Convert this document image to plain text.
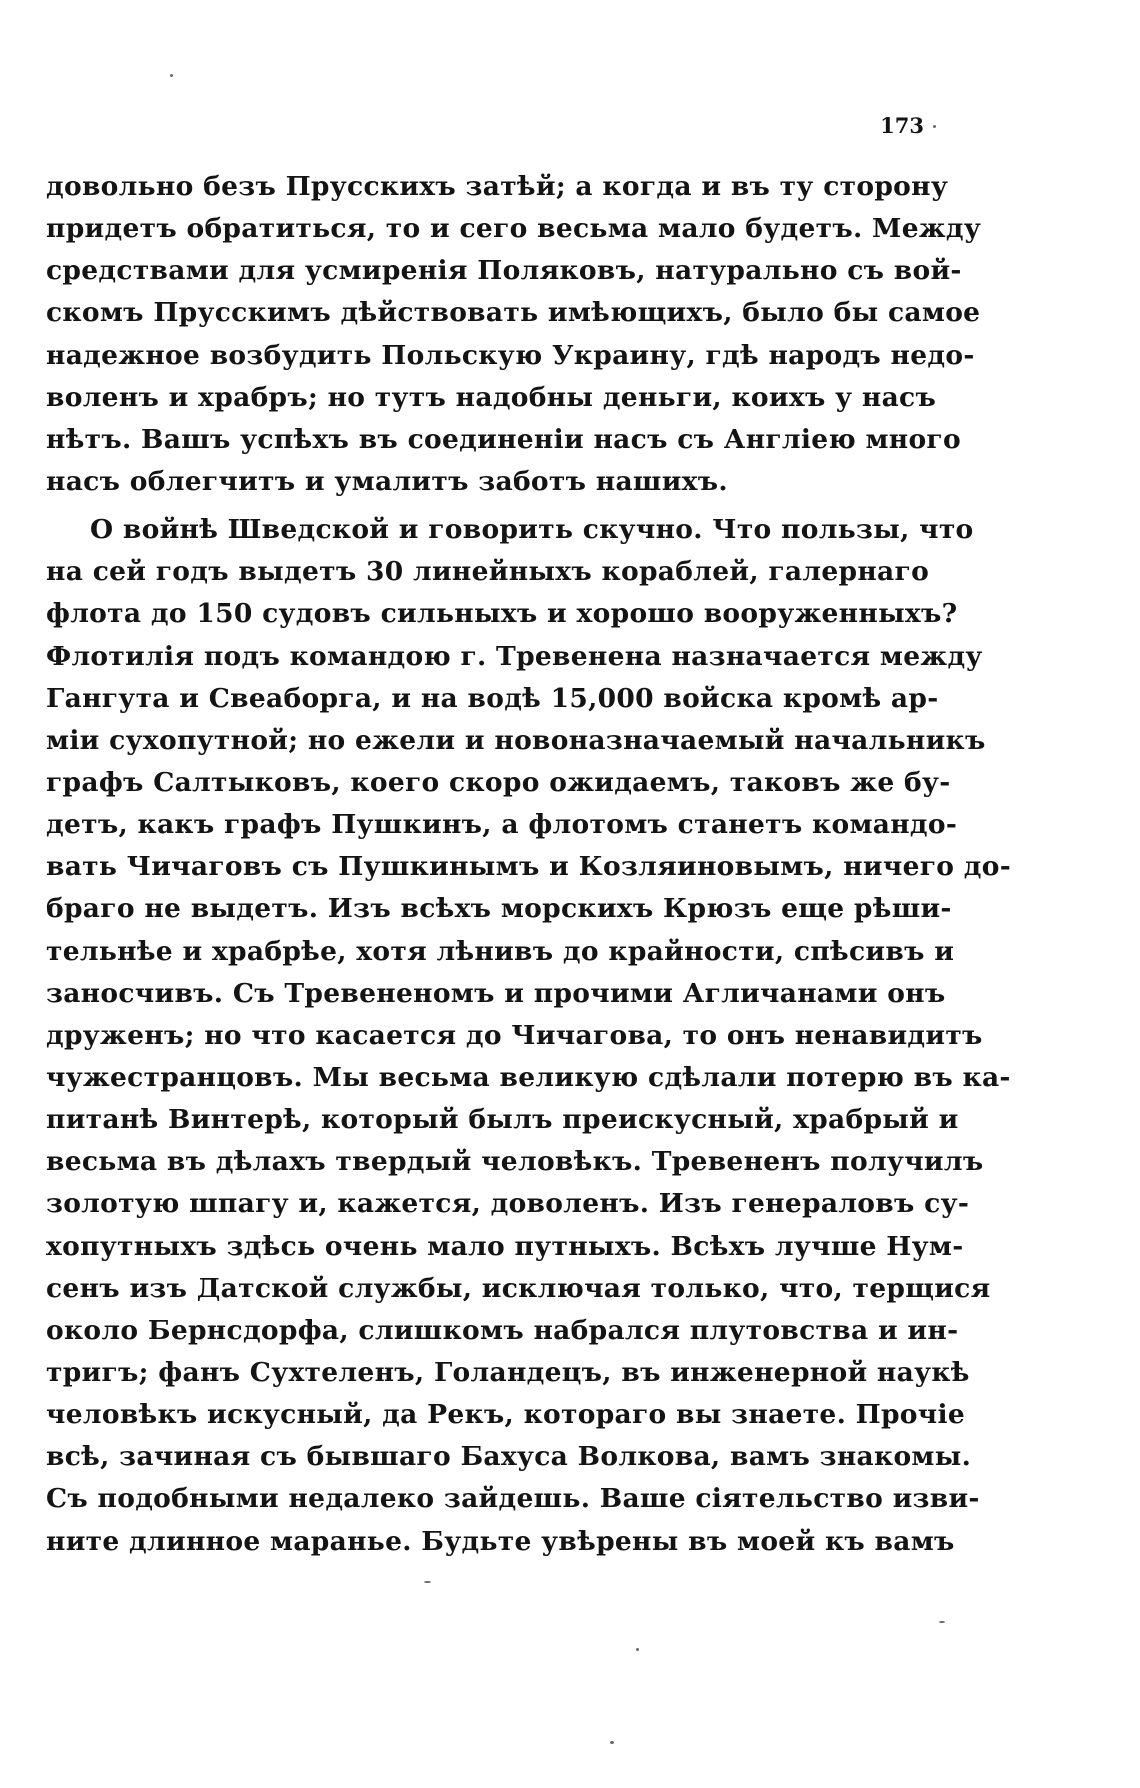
173
довольно безъ Прусскихъ затѣй; а когда и въ ту сторону
придетъ обратиться, то и сего весьма мало будетъ. Между
средствами для усмиренія Поляковъ, натурально съ вой-
скомъ Прусскимъ дѣйствовать имѣющихъ, было бы самое
надежное возбудить Польскую Украину, гдѣ народъ недо-
воленъ и храбръ; но тутъ надобны деньги, коихъ у насъ
нѣтъ. Вашъ успѣхъ въ соединеніи насъ съ Англіею много
насъ облегчитъ и умалитъ заботъ нашихъ.
О войнѣ Шведской и говорить скучно. Что пользы, что
на сей годъ выдетъ 30 линейныхъ кораблей, галернаго
флота до 150 судовъ сильныхъ и хорошо вооруженныхъ?
Флотилія подъ командою г. Тревенена назначается между
Гангута и Свеаборга, и на водѣ 15,000 войска кромѣ ар-
міи сухопутной; но ежели и новоназначаемый начальникъ
графъ Салтыковъ, коего скоро ожидаемъ, таковъ же бу-
детъ, какъ графъ Пушкинъ, а флотомъ станетъ командо-
вать Чичаговъ съ Пушкинымъ и Козляиновымъ, ничего до-
браго не выдетъ. Изъ всѣхъ морскихъ Крюзъ еще рѣши-
тельнѣе и храбрѣе, хотя лѣнивъ до крайности, спѣсивъ и
заносчивъ. Съ Тревененомъ и прочими Агличанами онъ
друженъ; но что касается до Чичагова, то онъ ненавидитъ
чужестранцовъ. Мы весьма великую сдѣлали потерю въ ка-
питанѣ Винтерѣ, который былъ преискусный, храбрый и
весьма въ дѣлахъ твердый человѣкъ. Тревененъ получилъ
золотую шпагу и, кажется, доволенъ. Изъ генераловъ су-
хопутныхъ здѣсь очень мало путныхъ. Всѣхъ лучше Нум-
сенъ изъ Датской службы, исключая только, что, терщися
около Бернсдорфа, слишкомъ набрался плутовства и ин-
тригъ; фанъ Сухтеленъ, Голандецъ, въ инженерной наукѣ
человѣкъ искусный, да Рекъ, котораго вы знаете. Прочіе
всѣ, зачиная съ бывшаго Бахуса Волкова, вамъ знакомы.
Съ подобными недалеко зайдешь. Ваше сіятельство изви-
ните длинное маранье. Будьте увѣрены въ моей къ вамъ
